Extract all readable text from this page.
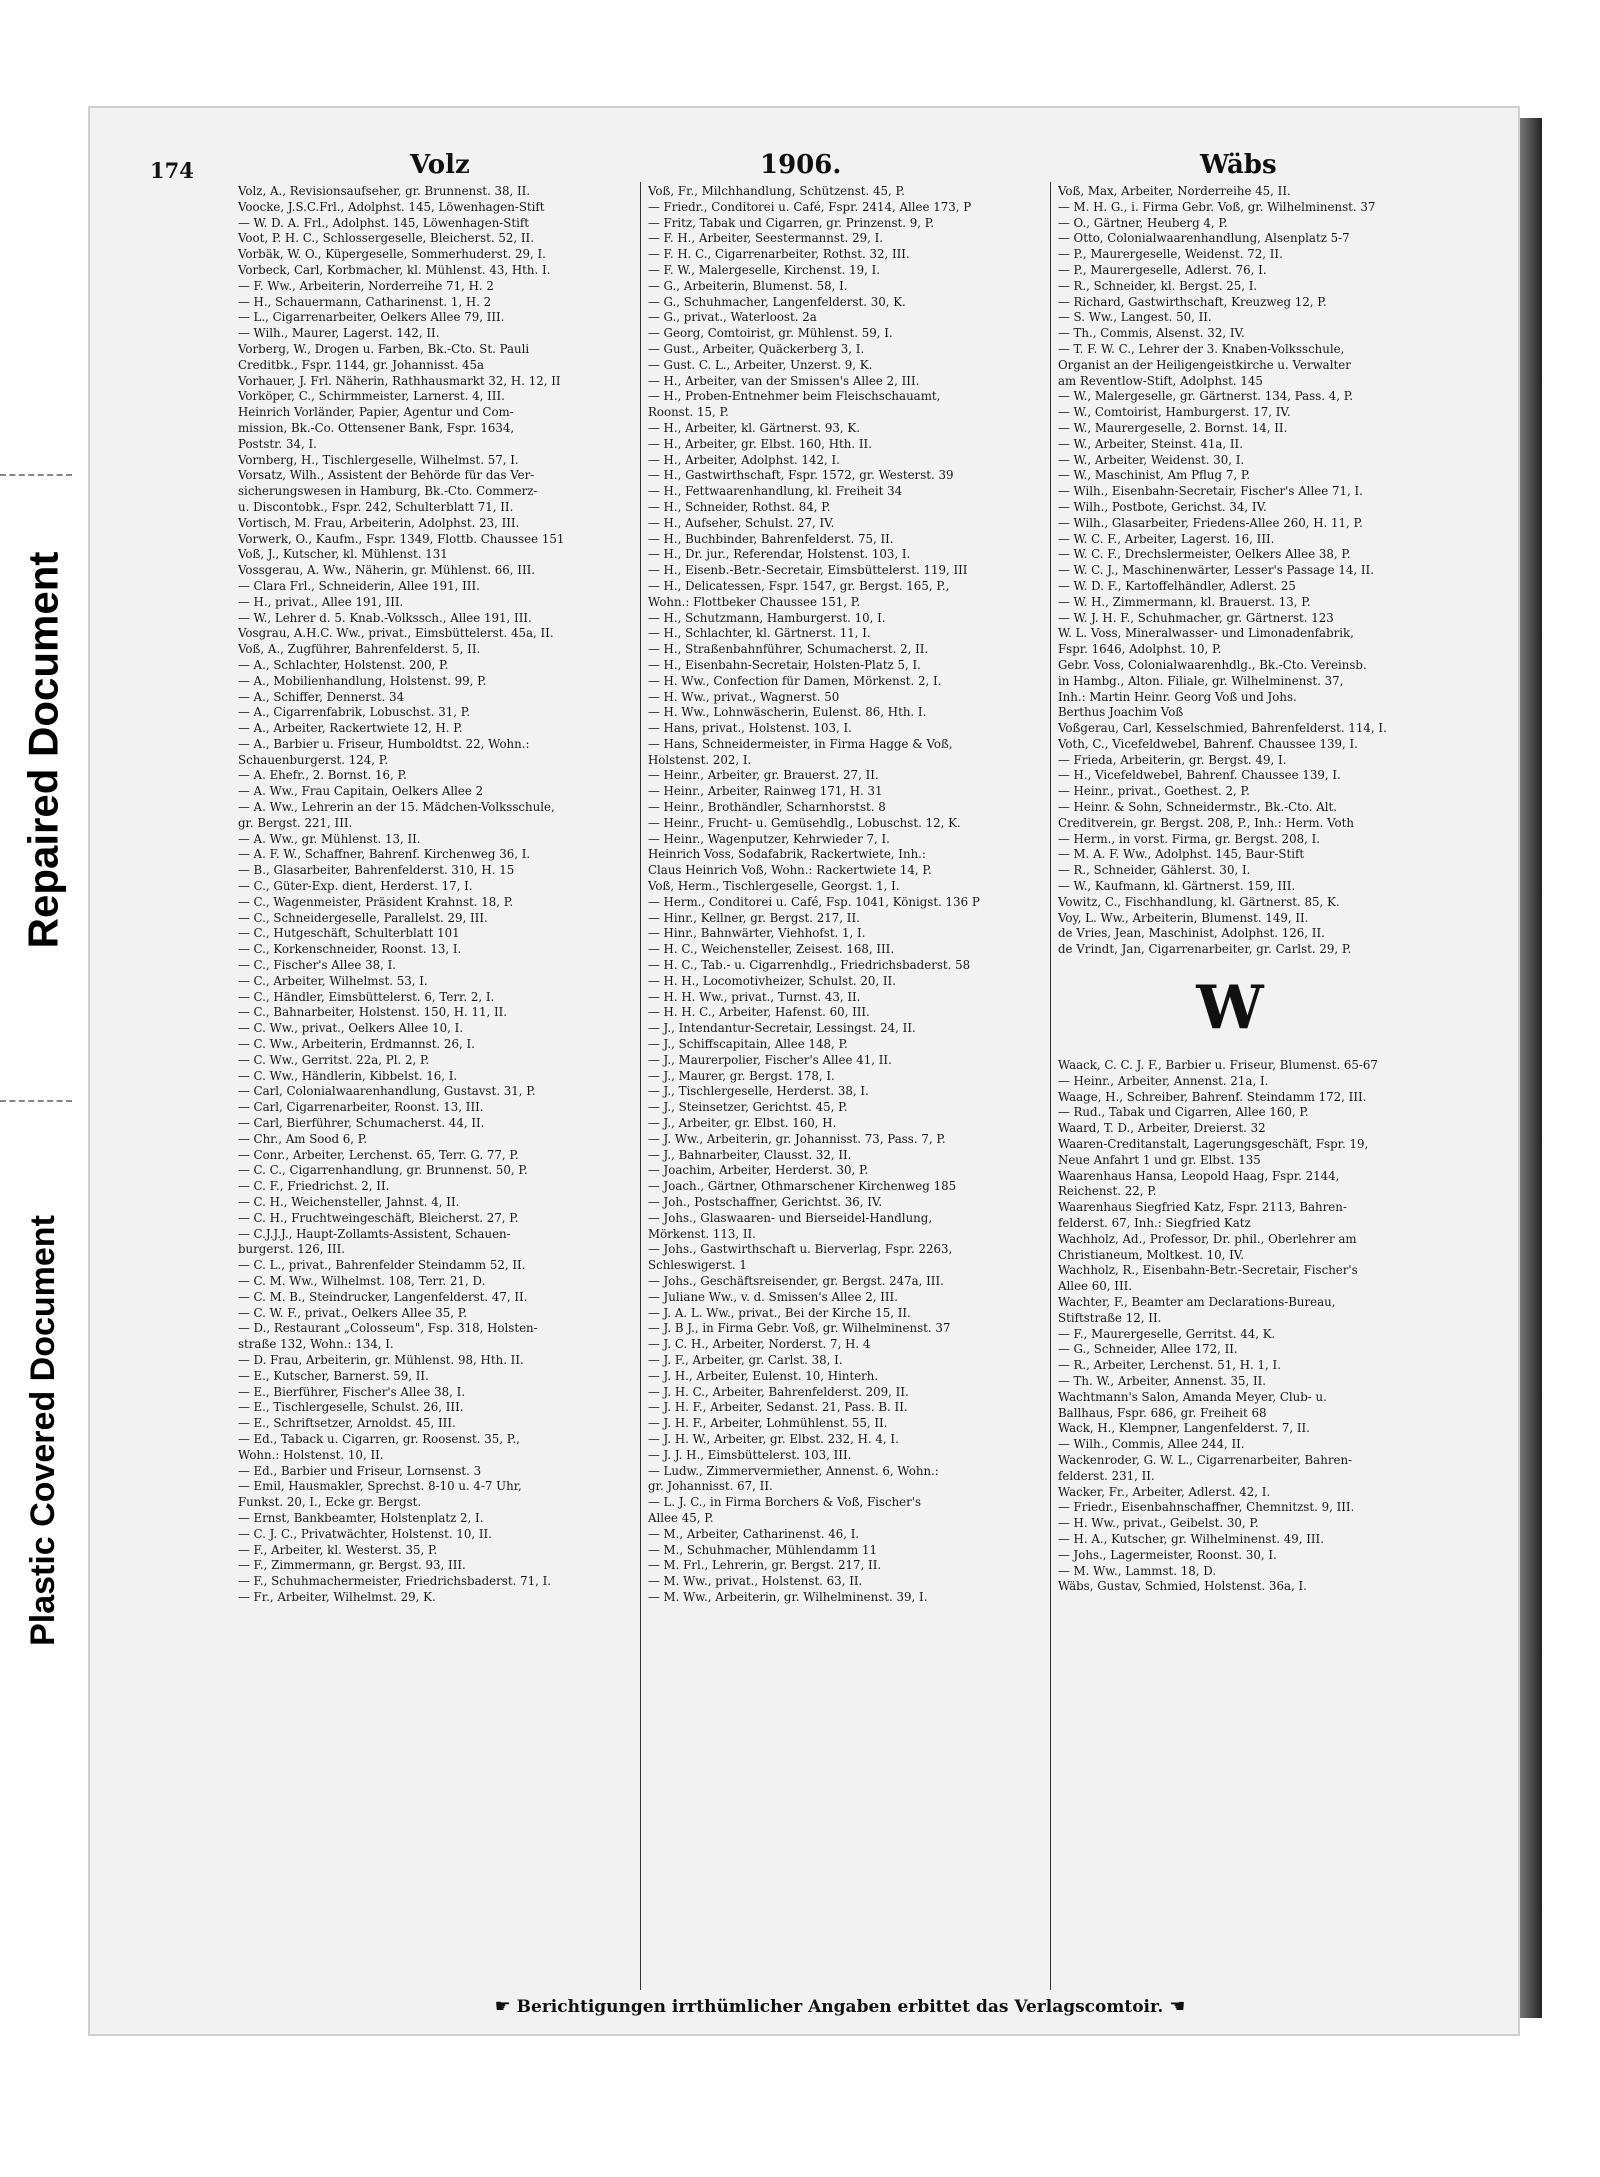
Repaired Document
Plastic Covered Document
174	Volz	1906.	Wäbs
Volz, A., Revisionsaufseher, gr. Brunnenst. 38, II.
Voocke, J.S.C.Frl., Adolphst. 145, Löwenhagen-Stift
— W. D. A. Frl., Adolphst. 145, Löwenhagen-Stift
Voot, P. H. C., Schlossergeselle, Bleicherst. 52, II.
Vorbäk, W. O., Küpergeselle, Sommerhuderst. 29, I.
Vorbeck, Carl, Korbmacher, kl. Mühlenst. 43, Hth. I.
— F. Ww., Arbeiterin, Norderreihe 71, H. 2
— H., Schauermann, Catharinenst. 1, H. 2
— L., Cigarrenarbeiter, Oelkers Allee 79, III.
— Wilh., Maurer, Lagerst. 142, II.
Vorberg, W., Drogen u. Farben, Bk.-Cto. St. Pauli
Creditbk., Fspr. 1144, gr. Johannisst. 45a
Vorhauer, J. Frl. Näherin, Rathhausmarkt 32, H. 12, II
Vorköper, C., Schirmmeister, Larnerst. 4, III.
Heinrich Vorländer, Papier, Agentur und Com-
mission, Bk.-Co. Ottensener Bank, Fspr. 1634,
Poststr. 34, I.
Vornberg, H., Tischlergeselle, Wilhelmst. 57, I.
Vorsatz, Wilh., Assistent der Behörde für das Ver-
sicherungswesen in Hamburg, Bk.-Cto. Commerz-
u. Discontobk., Fspr. 242, Schulterblatt 71, II.
Vortisch, M. Frau, Arbeiterin, Adolphst. 23, III.
Vorwerk, O., Kaufm., Fspr. 1349, Flottb. Chaussee 151
Voß, J., Kutscher, kl. Mühlenst. 131
Vossgerau, A. Ww., Näherin, gr. Mühlenst. 66, III.
— Clara Frl., Schneiderin, Allee 191, III.
— H., privat., Allee 191, III.
— W., Lehrer d. 5. Knab.-Volkssch., Allee 191, III.
Vosgrau, A.H.C. Ww., privat., Eimsbüttelerst. 45a, II.
Voß, A., Zugführer, Bahrenfelderst. 5, II.
— A., Schlachter, Holstenst. 200, P.
— A., Mobilienhandlung, Holstenst. 99, P.
— A., Schiffer, Dennerst. 34
— A., Cigarrenfabrik, Lobuschst. 31, P.
— A., Arbeiter, Rackertwiete 12, H. P.
— A., Barbier u. Friseur, Humboldtst. 22, Wohn.:
Schauenburgerst. 124, P.
— A. Ehefr., 2. Bornst. 16, P.
— A. Ww., Frau Capitain, Oelkers Allee 2
— A. Ww., Lehrerin an der 15. Mädchen-Volksschule,
gr. Bergst. 221, III.
— A. Ww., gr. Mühlenst. 13, II.
— A. F. W., Schaffner, Bahrenf. Kirchenweg 36, I.
— B., Glasarbeiter, Bahrenfelderst. 310, H. 15
— C., Güter-Exp. dient, Herderst. 17, I.
— C., Wagenmeister, Präsident Krahnst. 18, P.
— C., Schneidergeselle, Parallelst. 29, III.
— C., Hutgeschäft, Schulterblatt 101
— C., Korkenschneider, Roonst. 13, I.
— C., Fischer's Allee 38, I.
— C., Arbeiter, Wilhelmst. 53, I.
— C., Händler, Eimsbüttelerst. 6, Terr. 2, I.
— C., Bahnarbeiter, Holstenst. 150, H. 11, II.
— C. Ww., privat., Oelkers Allee 10, I.
— C. Ww., Arbeiterin, Erdmannst. 26, I.
— C. Ww., Gerritst. 22a, Pl. 2, P.
— C. Ww., Händlerin, Kibbelst. 16, I.
— Carl, Colonialwaarenhandlung, Gustavst. 31, P.
— Carl, Cigarrenarbeiter, Roonst. 13, III.
— Carl, Bierführer, Schumacherst. 44, II.
— Chr., Am Sood 6, P.
— Conr., Arbeiter, Lerchenst. 65, Terr. G. 77, P.
— C. C., Cigarrenhandlung, gr. Brunnenst. 50, P.
— C. F., Friedrichst. 2, II.
— C. H., Weichensteller, Jahnst. 4, II.
— C. H., Fruchtweingeschäft, Bleicherst. 27, P.
— C.J.J.J., Haupt-Zollamts-Assistent, Schauen-
burgerst. 126, III.
— C. L., privat., Bahrenfelder Steindamm 52, II.
— C. M. Ww., Wilhelmst. 108, Terr. 21, D.
— C. M. B., Steindrucker, Langenfelderst. 47, II.
— C. W. F., privat., Oelkers Allee 35, P.
— D., Restaurant „Colosseum", Fsp. 318, Holsten-
straße 132, Wohn.: 134, I.
— D. Frau, Arbeiterin, gr. Mühlenst. 98, Hth. II.
— E., Kutscher, Barnerst. 59, II.
— E., Bierführer, Fischer's Allee 38, I.
— E., Tischlergeselle, Schulst. 26, III.
— E., Schriftsetzer, Arnoldst. 45, III.
— Ed., Taback u. Cigarren, gr. Roosenst. 35, P.,
Wohn.: Holstenst. 10, II.
— Ed., Barbier und Friseur, Lornsenst. 3
— Emil, Hausmakler, Sprechst. 8-10 u. 4-7 Uhr,
Funkst. 20, I., Ecke gr. Bergst.
— Ernst, Bankbeamter, Holstenplatz 2, I.
— C. J. C., Privatwächter, Holstenst. 10, II.
— F., Arbeiter, kl. Westerst. 35, P.
— F., Zimmermann, gr. Bergst. 93, III.
— F., Schuhmachermeister, Friedrichsbaderst. 71, I.
— Fr., Arbeiter, Wilhelmst. 29, K.
Voß, Fr., Milchhandlung, Schützenst. 45, P.
— Friedr., Conditorei u. Café, Fspr. 2414, Allee 173, P
— Fritz, Tabak und Cigarren, gr. Prinzenst. 9, P.
— F. H., Arbeiter, Seestermannst. 29, I.
— F. H. C., Cigarrenarbeiter, Rothst. 32, III.
— F. W., Malergeselle, Kirchenst. 19, I.
— G., Arbeiterin, Blumenst. 58, I.
— G., Schuhmacher, Langenfelderst. 30, K.
— G., privat., Waterloost. 2a
— Georg, Comtoirist, gr. Mühlenst. 59, I.
— Gust., Arbeiter, Quäckerberg 3, I.
— Gust. C. L., Arbeiter, Unzerst. 9, K.
— H., Arbeiter, van der Smissen's Allee 2, III.
— H., Proben-Entnehmer beim Fleischschauamt,
Roonst. 15, P.
— H., Arbeiter, kl. Gärtnerst. 93, K.
— H., Arbeiter, gr. Elbst. 160, Hth. II.
— H., Arbeiter, Adolphst. 142, I.
— H., Gastwirthschaft, Fspr. 1572, gr. Westerst. 39
— H., Fettwaarenhandlung, kl. Freiheit 34
— H., Schneider, Rothst. 84, P.
— H., Aufseher, Schulst. 27, IV.
— H., Buchbinder, Bahrenfelderst. 75, II.
— H., Dr. jur., Referendar, Holstenst. 103, I.
— H., Eisenb.-Betr.-Secretair, Eimsbüttelerst. 119, III
— H., Delicatessen, Fspr. 1547, gr. Bergst. 165, P.,
Wohn.: Flottbeker Chaussee 151, P.
— H., Schutzmann, Hamburgerst. 10, I.
— H., Schlachter, kl. Gärtnerst. 11, I.
— H., Straßenbahnführer, Schumacherst. 2, II.
— H., Eisenbahn-Secretair, Holsten-Platz 5, I.
— H. Ww., Confection für Damen, Mörkenst. 2, I.
— H. Ww., privat., Wagnerst. 50
— H. Ww., Lohnwäscherin, Eulenst. 86, Hth. I.
— Hans, privat., Holstenst. 103, I.
— Hans, Schneidermeister, in Firma Hagge & Voß,
Holstenst. 202, I.
— Heinr., Arbeiter, gr. Brauerst. 27, II.
— Heinr., Arbeiter, Rainweg 171, H. 31
— Heinr., Brothändler, Scharnhorstst. 8
— Heinr., Frucht- u. Gemüsehdlg., Lobuschst. 12, K.
— Heinr., Wagenputzer, Kehrwieder 7, I.
Heinrich Voss, Sodafabrik, Rackertwiete, Inh.:
Claus Heinrich Voß, Wohn.: Rackertwiete 14, P.
Voß, Herm., Tischlergeselle, Georgst. 1, I.
— Herm., Conditorei u. Café, Fsp. 1041, Königst. 136 P
— Hinr., Kellner, gr. Bergst. 217, II.
— Hinr., Bahnwärter, Viehhofst. 1, I.
— H. C., Weichensteller, Zeisest. 168, III.
— H. C., Tab.- u. Cigarrenhdlg., Friedrichsbaderst. 58
— H. H., Locomotivheizer, Schulst. 20, II.
— H. H. Ww., privat., Turnst. 43, II.
— H. H. C., Arbeiter, Hafenst. 60, III.
— J., Intendantur-Secretair, Lessingst. 24, II.
— J., Schiffscapitain, Allee 148, P.
— J., Maurerpolier, Fischer's Allee 41, II.
— J., Maurer, gr. Bergst. 178, I.
— J., Tischlergeselle, Herderst. 38, I.
— J., Steinsetzer, Gerichtst. 45, P.
— J., Arbeiter, gr. Elbst. 160, H.
— J. Ww., Arbeiterin, gr. Johannisst. 73, Pass. 7, P.
— J., Bahnarbeiter, Clausst. 32, II.
— Joachim, Arbeiter, Herderst. 30, P.
— Joach., Gärtner, Othmarschener Kirchenweg 185
— Joh., Postschaffner, Gerichtst. 36, IV.
— Johs., Glaswaaren- und Bierseidel-Handlung,
Mörkenst. 113, II.
— Johs., Gastwirthschaft u. Bierverlag, Fspr. 2263,
Schleswigerst. 1
— Johs., Geschäftsreisender, gr. Bergst. 247a, III.
— Juliane Ww., v. d. Smissen's Allee 2, III.
— J. A. L. Ww., privat., Bei der Kirche 15, II.
— J. B J., in Firma Gebr. Voß, gr. Wilhelminenst. 37
— J. C. H., Arbeiter, Norderst. 7, H. 4
— J. F., Arbeiter, gr. Carlst. 38, I.
— J. H., Arbeiter, Eulenst. 10, Hinterh.
— J. H. C., Arbeiter, Bahrenfelderst. 209, II.
— J. H. F., Arbeiter, Sedanst. 21, Pass. B. II.
— J. H. F., Arbeiter, Lohmühlenst. 55, II.
— J. H. W., Arbeiter, gr. Elbst. 232, H. 4, I.
— J. J. H., Eimsbüttelerst. 103, III.
— Ludw., Zimmervermiether, Annenst. 6, Wohn.:
gr. Johannisst. 67, II.
— L. J. C., in Firma Borchers & Voß, Fischer's
Allee 45, P.
— M., Arbeiter, Catharinenst. 46, I.
— M., Schuhmacher, Mühlendamm 11
— M. Frl., Lehrerin, gr. Bergst. 217, II.
— M. Ww., privat., Holstenst. 63, II.
— M. Ww., Arbeiterin, gr. Wilhelminenst. 39, I.
Voß, Max, Arbeiter, Norderreihe 45, II.
— M. H. G., i. Firma Gebr. Voß, gr. Wilhelminenst. 37
— O., Gärtner, Heuberg 4, P.
— Otto, Colonialwaarenhandlung, Alsenplatz 5-7
— P., Maurergeselle, Weidenst. 72, II.
— P., Maurergeselle, Adlerst. 76, I.
— R., Schneider, kl. Bergst. 25, I.
— Richard, Gastwirthschaft, Kreuzweg 12, P.
— S. Ww., Langest. 50, II.
— Th., Commis, Alsenst. 32, IV.
— T. F. W. C., Lehrer der 3. Knaben-Volksschule,
Organist an der Heiligengeistkirche u. Verwalter
am Reventlow-Stift, Adolphst. 145
— W., Malergeselle, gr. Gärtnerst. 134, Pass. 4, P.
— W., Comtoirist, Hamburgerst. 17, IV.
— W., Maurergeselle, 2. Bornst. 14, II.
— W., Arbeiter, Steinst. 41a, II.
— W., Arbeiter, Weidenst. 30, I.
— W., Maschinist, Am Pflug 7, P.
— Wilh., Eisenbahn-Secretair, Fischer's Allee 71, I.
— Wilh., Postbote, Gerichst. 34, IV.
— Wilh., Glasarbeiter, Friedens-Allee 260, H. 11, P.
— W. C. F., Arbeiter, Lagerst. 16, III.
— W. C. F., Drechslermeister, Oelkers Allee 38, P.
— W. C. J., Maschinenwärter, Lesser's Passage 14, II.
— W. D. F., Kartoffelhändler, Adlerst. 25
— W. H., Zimmermann, kl. Brauerst. 13, P.
— W. J. H. F., Schuhmacher, gr. Gärtnerst. 123
W. L. Voss, Mineralwasser- und Limonadenfabrik,
Fspr. 1646, Adolphst. 10, P.
Gebr. Voss, Colonialwaarenhdlg., Bk.-Cto. Vereinsb.
in Hambg., Alton. Filiale, gr. Wilhelminenst. 37,
Inh.: Martin Heinr. Georg Voß und Johs.
Berthus Joachim Voß
Voßgerau, Carl, Kesselschmied, Bahrenfelderst. 114, I.
Voth, C., Vicefeldwebel, Bahrenf. Chaussee 139, I.
— Frieda, Arbeiterin, gr. Bergst. 49, I.
— H., Vicefeldwebel, Bahrenf. Chaussee 139, I.
— Heinr., privat., Goethest. 2, P.
— Heinr. & Sohn, Schneidermstr., Bk.-Cto. Alt.
Creditverein, gr. Bergst. 208, P., Inh.: Herm. Voth
— Herm., in vorst. Firma, gr. Bergst. 208, I.
— M. A. F. Ww., Adolphst. 145, Baur-Stift
— R., Schneider, Gählerst. 30, I.
— W., Kaufmann, kl. Gärtnerst. 159, III.
Vowitz, C., Fischhandlung, kl. Gärtnerst. 85, K.
Voy, L. Ww., Arbeiterin, Blumenst. 149, II.
de Vries, Jean, Maschinist, Adolphst. 126, II.
de Vrindt, Jan, Cigarrenarbeiter, gr. Carlst. 29, P.
W
Waack, C. C. J. F., Barbier u. Friseur, Blumenst. 65-67
— Heinr., Arbeiter, Annenst. 21a, I.
Waage, H., Schreiber, Bahrenf. Steindamm 172, III.
— Rud., Tabak und Cigarren, Allee 160, P.
Waard, T. D., Arbeiter, Dreierst. 32
Waaren-Creditanstalt, Lagerungsgeschäft, Fspr. 19,
Neue Anfahrt 1 und gr. Elbst. 135
Waarenhaus Hansa, Leopold Haag, Fspr. 2144,
Reichenst. 22, P.
Waarenhaus Siegfried Katz, Fspr. 2113, Bahren-
felderst. 67, Inh.: Siegfried Katz
Wachholz, Ad., Professor, Dr. phil., Oberlehrer am
Christianeum, Moltkest. 10, IV.
Wachholz, R., Eisenbahn-Betr.-Secretair, Fischer's
Allee 60, III.
Wachter, F., Beamter am Declarations-Bureau,
Stiftstraße 12, II.
— F., Maurergeselle, Gerritst. 44, K.
— G., Schneider, Allee 172, II.
— R., Arbeiter, Lerchenst. 51, H. 1, I.
— Th. W., Arbeiter, Annenst. 35, II.
Wachtmann's Salon, Amanda Meyer, Club- u.
Ballhaus, Fspr. 686, gr. Freiheit 68
Wack, H., Klempner, Langenfelderst. 7, II.
— Wilh., Commis, Allee 244, II.
Wackenroder, G. W. L., Cigarrenarbeiter, Bahren-
felderst. 231, II.
Wacker, Fr., Arbeiter, Adlerst. 42, I.
— Friedr., Eisenbahnschaffner, Chemnitzst. 9, III.
— H. Ww., privat., Geibelst. 30, P.
— H. A., Kutscher, gr. Wilhelminenst. 49, III.
— Johs., Lagermeister, Roonst. 30, I.
— M. Ww., Lammst. 18, D.
Wäbs, Gustav, Schmied, Holstenst. 36a, I.
☛ Berichtigungen irrthümlicher Angaben erbittet das Verlagscomtoir. ☚
